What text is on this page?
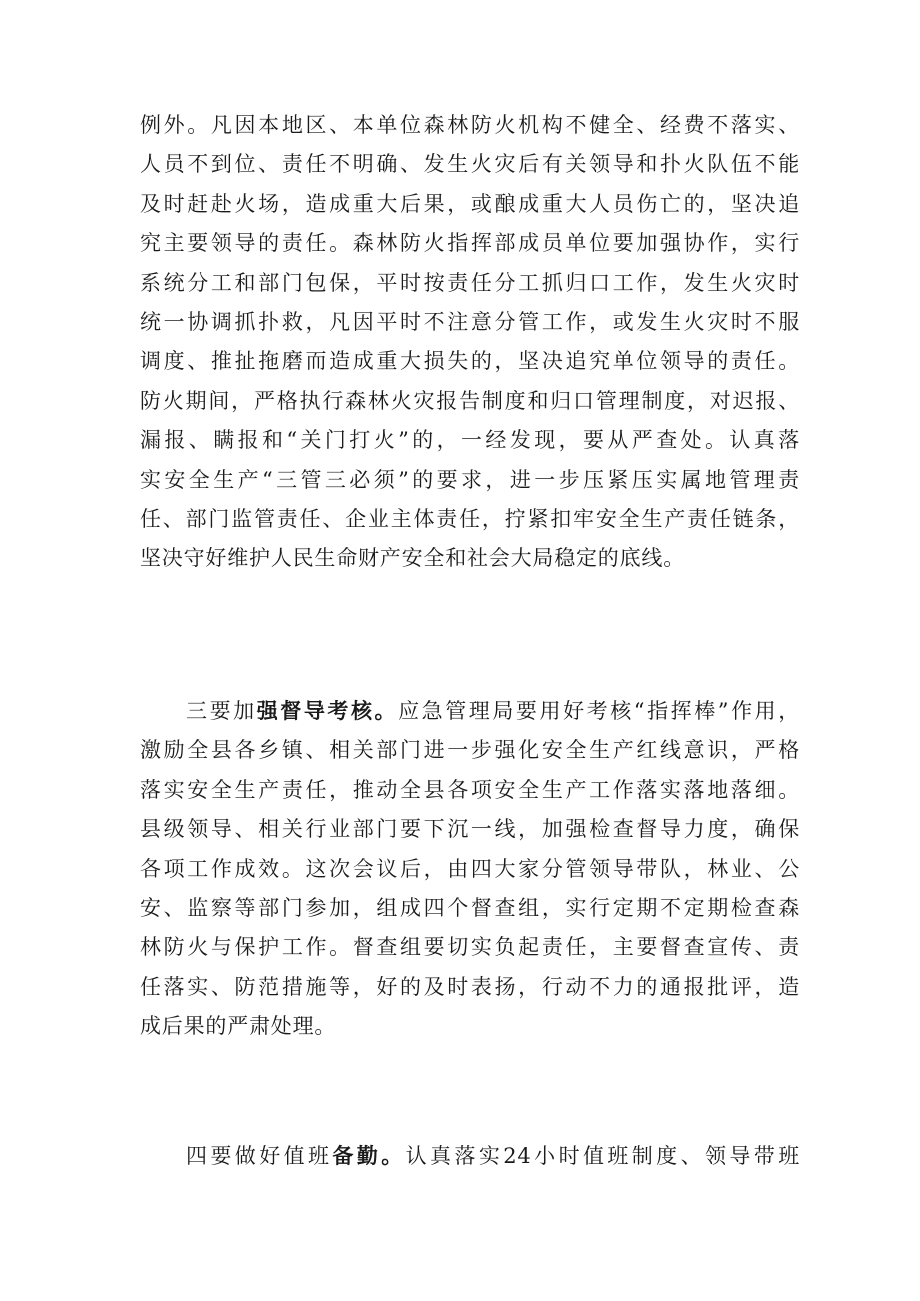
例外。凡因本地区、本单位森林防火机构不健全、经费不落实、
人员不到位、责任不明确、发生火灾后有关领导和扑火队伍不能
及时赶赴火场，造成重大后果，或酿成重大人员伤亡的，坚决追
究主要领导的责任。森林防火指挥部成员单位要加强协作，实行
系统分工和部门包保，平时按责任分工抓归口工作，发生火灾时
统一协调抓扑救，凡因平时不注意分管工作，或发生火灾时不服
调度、推扯拖磨而造成重大损失的，坚决追究单位领导的责任。
防火期间，严格执行森林火灾报告制度和归口管理制度，对迟报、
漏报、瞒报和“关门打火”的，一经发现，要从严查处。认真落
实安全生产“三管三必须”的要求，进一步压紧压实属地管理责
任、部门监管责任、企业主体责任，拧紧扣牢安全生产责任链条，
坚决守好维护人民生命财产安全和社会大局稳定的底线。
三要加强督导考核。应急管理局要用好考核“指挥棒”作用，
激励全县各乡镇、相关部门进一步强化安全生产红线意识，严格
落实安全生产责任，推动全县各项安全生产工作落实落地落细。
县级领导、相关行业部门要下沉一线，加强检查督导力度，确保
各项工作成效。这次会议后，由四大家分管领导带队，林业、公
安、监察等部门参加，组成四个督查组，实行定期不定期检查森
林防火与保护工作。督查组要切实负起责任，主要督查宣传、责
任落实、防范措施等，好的及时表扬，行动不力的通报批评，造
成后果的严肃处理。
四要做好值班备勤。认真落实24小时值班制度、领导带班
